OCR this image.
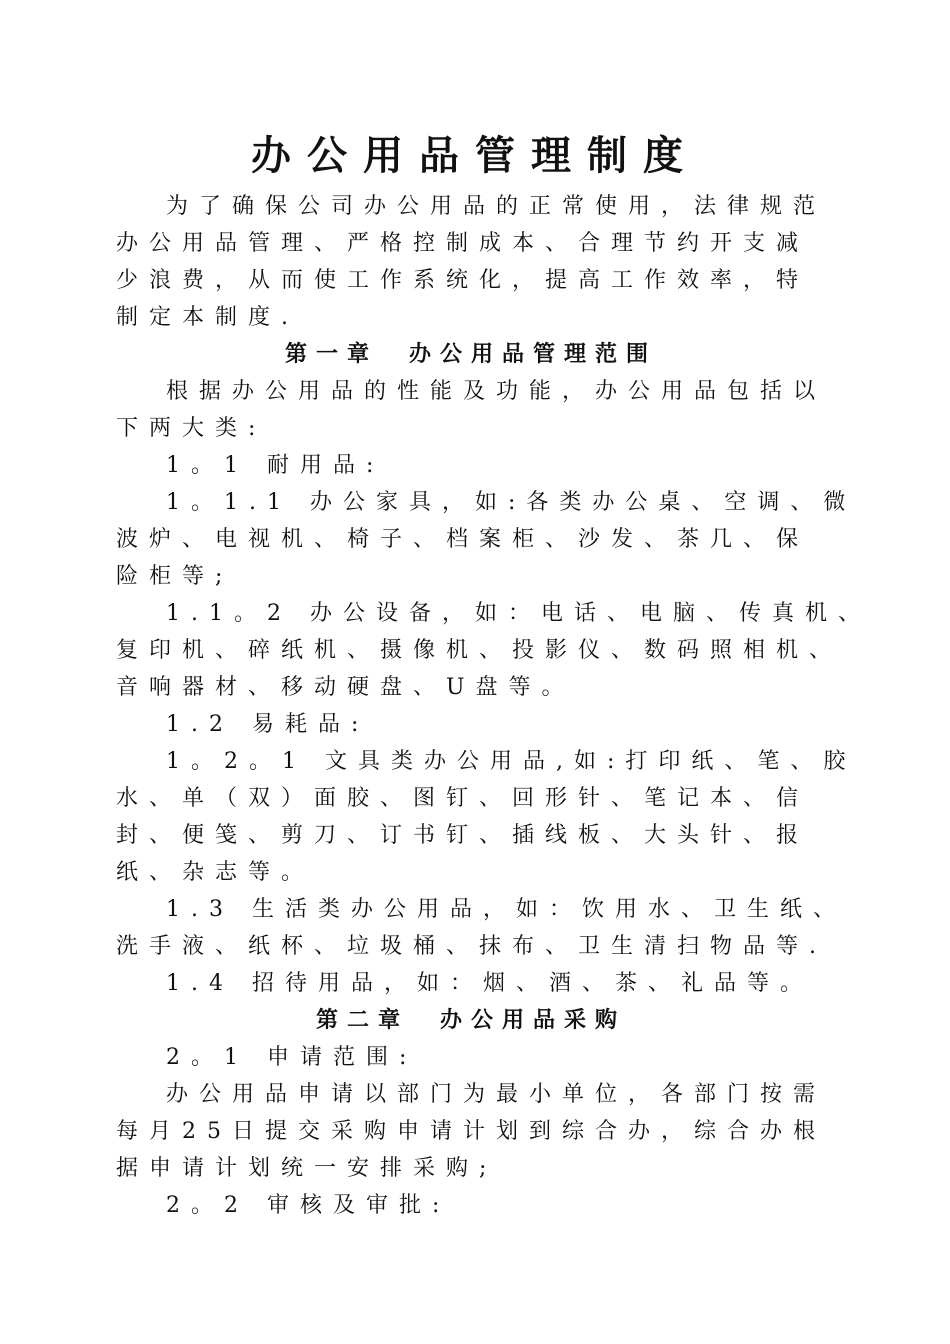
办公用品管理制度
为了确保公司办公用品的正常使用，法律规范
办公用品管理、严格控制成本、合理节约开支减
少浪费，从而使工作系统化，提高工作效率，特
制定本制度.
第一章　办公用品管理范围
根据办公用品的性能及功能，办公用品包括以
下两大类:
1。1 耐用品:
1。1.1 办公家具，如:各类办公桌、空调、微
波炉、电视机、椅子、档案柜、沙发、茶几、保
险柜等;
1.1。2 办公设备，如：电话、电脑、传真机、
复印机、碎纸机、摄像机、投影仪、数码照相机、
音响器材、移动硬盘、U盘等。
1.2 易耗品:
1。2。1 文具类办公用品,如:打印纸、笔、胶
水、单（双）面胶、图钉、回形针、笔记本、信
封、便笺、剪刀、订书钉、插线板、大头针、报
纸、杂志等。
1.3 生活类办公用品，如：饮用水、卫生纸、
洗手液、纸杯、垃圾桶、抹布、卫生清扫物品等.
1.4 招待用品，如：烟、酒、茶、礼品等。
第二章　办公用品采购
2。1 申请范围:
办公用品申请以部门为最小单位，各部门按需
每月25日提交采购申请计划到综合办，综合办根
据申请计划统一安排采购;
2。2 审核及审批:
